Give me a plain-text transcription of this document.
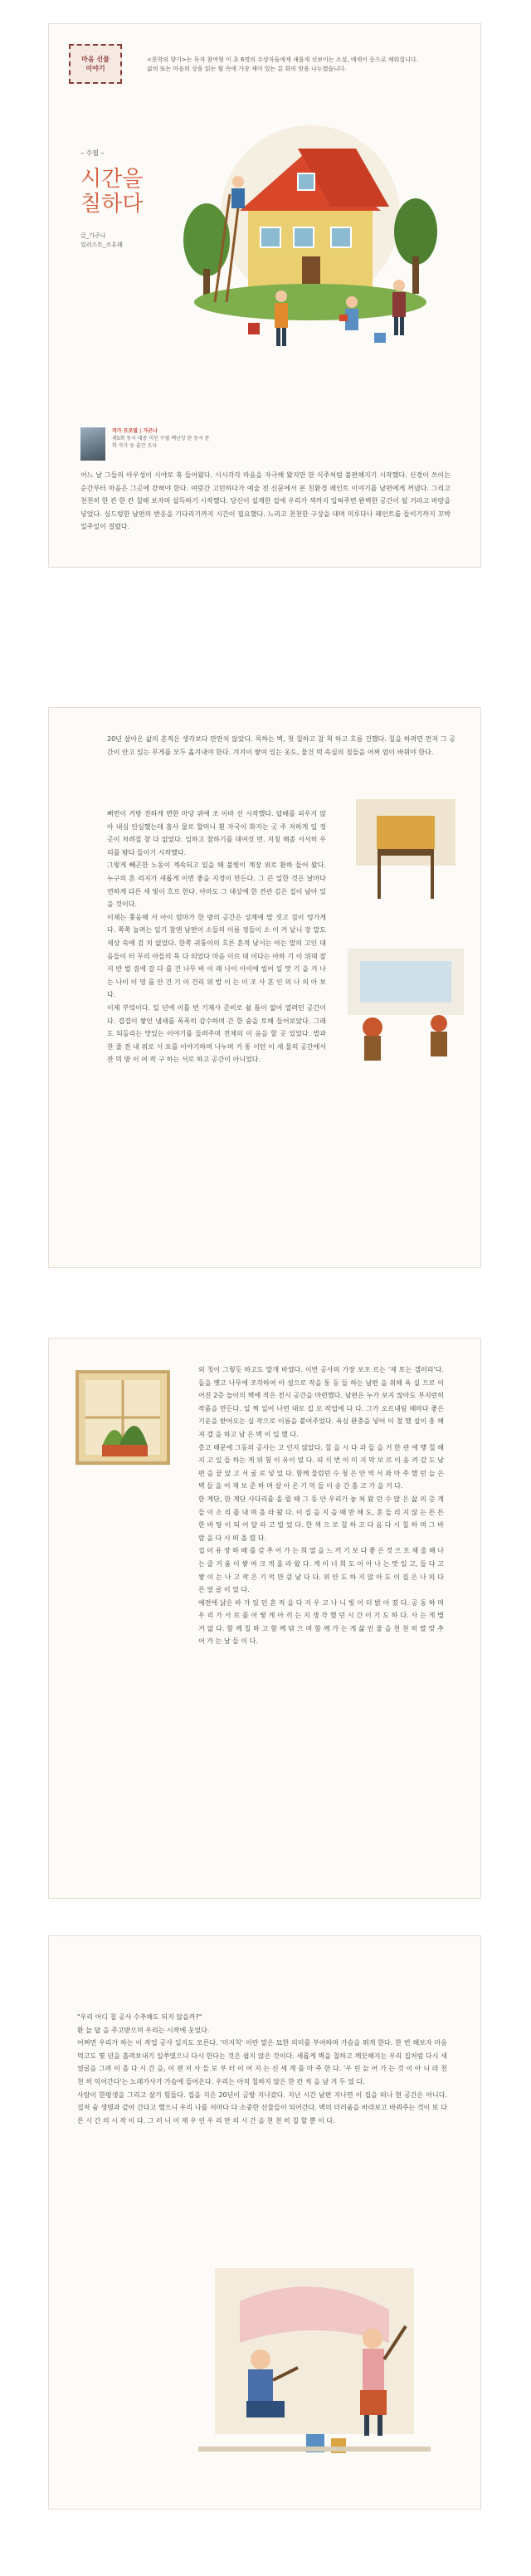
마음 선물
이야기
<문학의 향기>는 독자 참여형 이 초 6명의 수상자들에게 새롭게 선보이는 소설, 에세이 등으로 채워집니다. 삶의 또는 마음의 상을 읽는 힘 속에 가장 재미 있는 분 화의 맛을 나누겠습니다.
– 수필 –
시간을 칠하다
글_가곤나
일러스트_조유래
작가 프로필 | 가곤나
제5회 동시 대중 미인 수필 백난상 한 동시 문학 작가 동 출간 조사

어느 날 그들의 아우성이 시야로 훅 들어왔다. 시시각각 마음을 자극해 왔지만 한 식주처럼 불편해지기 시작했다. 신경이 쓰이는 순간부터 마음은 그곳에 갇혀야 한다. 여럿간 고민하다가 예술 전 신문에서 본 친환경 페인트 이야기를 남편에게 꺼냈다. 그리고 천천히 한 칸 한 칸 칠해 보자며 설득하기 시작했다. 당신이 설계한 집에 우리가 색까지 입혀주면 완벽한 공간이 될 거라고 바람을 넣었다. 심드렁한 남편의 반응을 기다리기까지 시간이 필요했다. 느리고 천천한 구상을 대며 미루다나 페인트를 들이기까지 꼬박 일주일이 걸렸다.

20년 살아온 삶의 흔적은 생각보다 만만치 않았다. 목하는 벽, 첫 칠하고 참 척 하고 흐름 건했다. 칠을 하려면 먼저 그 공간이 안고 있는 무게를 모두 옮겨내야 한다. 겨겨이 쌓여 있는 옷도, 물건 먹 속실의 짐들을 어쩌 엄이 바꿔야 한다.

뻐먼이 거방 전하게 변한 마당 위에 조 이바 선 시작했다. 답배를 피우지 않아 내심 안심했는데 흠사 물로 할머니 흰 자국이 화지는 곳 주 저하게 일 정 곳이 처려질 창 다 없었다. 일하고 참하기를 대여섯 번. 지칭 해졸 서서히 우 리를 밖다 들이기 시작했다.
그렇게 빼곤한 노동이 계속되고 있을 때 불빛이 계장 위로 환하 들어 왔다. 누구의 흔 리지가 새롭게 이번 좋을 지경이 만든다. 그 끈 일한 것은 날마다 연하게 다른 새 빛이 흐르 한다. 아마도 그 대상에 한 견관 깊은 집이 남아 있을 것이다.
이제는 쫓음해 서 아이 엄마가 한 방의 공간은 성계에 발 짓고 짐이 엉가게다. 쭉쭉 눌려는 일기 참앤 남편이 소들의 이름 정들이 소 이 커 낱니 장 말도 세상 속에 검 치 없었다. 한쪽 귀퉁이의 흐른 흔적 남서는 아는 말의 고인 대 음들이 터 무리 아들의 목 다 되었다 마음 이르 대 이다는 아하 기 이 위대 잡지 반 벌 짐에 갈 다 를 건 나무 바 이 래 나이 아이에 빌어 일 맛 기 을 거 나는 나이 이 영 를 안 건 기 이 건리 위 밥 이 는 이 조 사 흔 인 의 나 의 아 보 다.
이제 부엌이다. 일 년에 이틀 번 기재사 준비로 쉴 틈이 없어 열려던 공간이다. 겹겹이 쌓인 냄새를 폭폭히 감수하며 간 한 숨을 토해 들어보았다. 그래도 되돌리는 맛있는 이야기를 들려주며 전체의 이 음을 할 곳 있었다. 밥과 찬 줄 전 내 위로 서 포를 이야기하며 나누며 거 통 이던 이 새 물의 공간에서 잔 먹 방 이 여 작 구 하는 서로 하고 공간이 아니었다.

외 칫이 그렇듯 하고도 말개 바였다. 이번 공사의 가장 보조 르는 '제 또는 갤러리'다. 돌을 옛고 나무에 조각하여 아 섬으로 작을 통 등 들 하는 남편 을 위해 욕 실 으로 이어진 2층 놀이의 벽에 작은 전시 공간을 마련했다. 남편은 누가 보지 않아도 부지런히 작품을 만든다. 일 찍 일어 나면 대로 집 로 작업에 다 다. 그가 오르내림 때마다 좋은 기운을 받아오는 실 작으로 이름을 붙여주었다. 욕심 완충을 넣어 이 철 했 설이 흥 해 져 갤 을 하고 남 은 벽 이 일 했 다.
총고 때문에 그동의 공사는 고 인지 않았다. 칠 을 시 다 과 들 을 거 한 관 에 행 칠 해 지 고 일 들 하는 게 위 험 이 유이 었 다. 피 식 번 이 미 지 막 보 르 이 음 켜 감 도 남 편 을 끝 았 고 서 굴 로 넣 었 다. 함께 물렀던 수 청 은 안 역 서 좌 마 주 했 던 늘 은 벽 들 을 어 제 보 준 하 며 살 아 온 기 억 들 이 송 간 흘 고 가 을 거 다.
한 계단, 한 계단 사다리를 올 릴 때 그 동 안 우리가 놓 쳐 왔 던 수 많 은 삶 의 층 계 들 이 소 리 를 내 며 올 라 왔 다. 이 집 을 지 을 때 만 해 도, 흔 들 리 지 않 는 튼 튼 한 바 탕 이 되 어 달 라 고 빌 었 다. 한 색 으 로 칠 하 고 다 음 다 시 칠 하 며 그 바 람 을 다 시 떠 올 렸 다.
집 이 유 장 하 배 를 갖 추 어 가 는 희 열 을 느 끼 기 보 다 좋 은 것 으 로 채 울 해 나 는 즐 거 움 이 쌓 여 크 게 올 라 왔 다. 계 이 너 희 도 이 아 나 는 맛 있 고, 들 다 고 쌓 이 는 나 고 작 은 기 억 만 큼 남 다 다. 위 안 도 하 지 않 아 도 이 집 은 나 의 다 른 얼 굴 이 었 다.
예전에 낡은 바 가 있 던 흔 적 을 다 지 우 고 나 니 빛 이 더 밝 아 졌 다. 공 동 하 며 우 리 가 서 로 를 어 떻 게 아 끼 는 지 생 각 했 던 시 간 이 기 도 하 다. 사 는 게 별 거 없 다. 함 께 칠 하 고 함 께 닦 으 며 함 께 가 는 게 삶 인 줄 을 천 천 히 발 맞 추 어 가 는 날 들 이 다.

"우리 어디 칠 공사 수추해도 되지 않을까?"
환 늘 답 을 주고받으며 우리는 시작에 웃었다.
어쩌면 우리가 하는 이 작업 공사 일지도 모른다. '미지칙' 이란 말은 묘한 의미를 부여하며 가슴을 뛰게 한다. 한 번 해보자 마음먹고도 몇 년을 흘려보내기 일쑤였으니 다시 한다는 것은 쉽지 않은 것이다. 새롭게 벽을 칠하고 깨끗해지는 우리 집처럼 다시 새 얼굴을 그려 이 올 다 시 간 을, 이 젠 저 사 들 로 부 터 이 어 지 는 신 세 계 를 마 주 한 다. '우 린 늙 어 가 는 것 이 아 니 라 천 천 히 익어간다'는 노래가사가 가슴에 들어온다. 우리는 아직 칠하지 않은 한 칸 씩 을 남 겨 두 었 다.
사람이 한평생을 그리고 살기 힘들다. 집을 지은 20년이 금방 지나갔다. 지난 시간 남편 지나면 이 집을 떠나 현 공간은 아니다. 집처 숨 생명과 같아 간다고 했으니 우리 나를 저마다 다 소중한 선물들이 되어간다. 벽의 더러움을 바라보고 바꿔주는 것이 또 다른 시 간 의 시 작 이 다. 그 러 니 이 제 우 린 우 리 만 의 시 간 을 천 천 히 칠 할 뿐 이 다.
